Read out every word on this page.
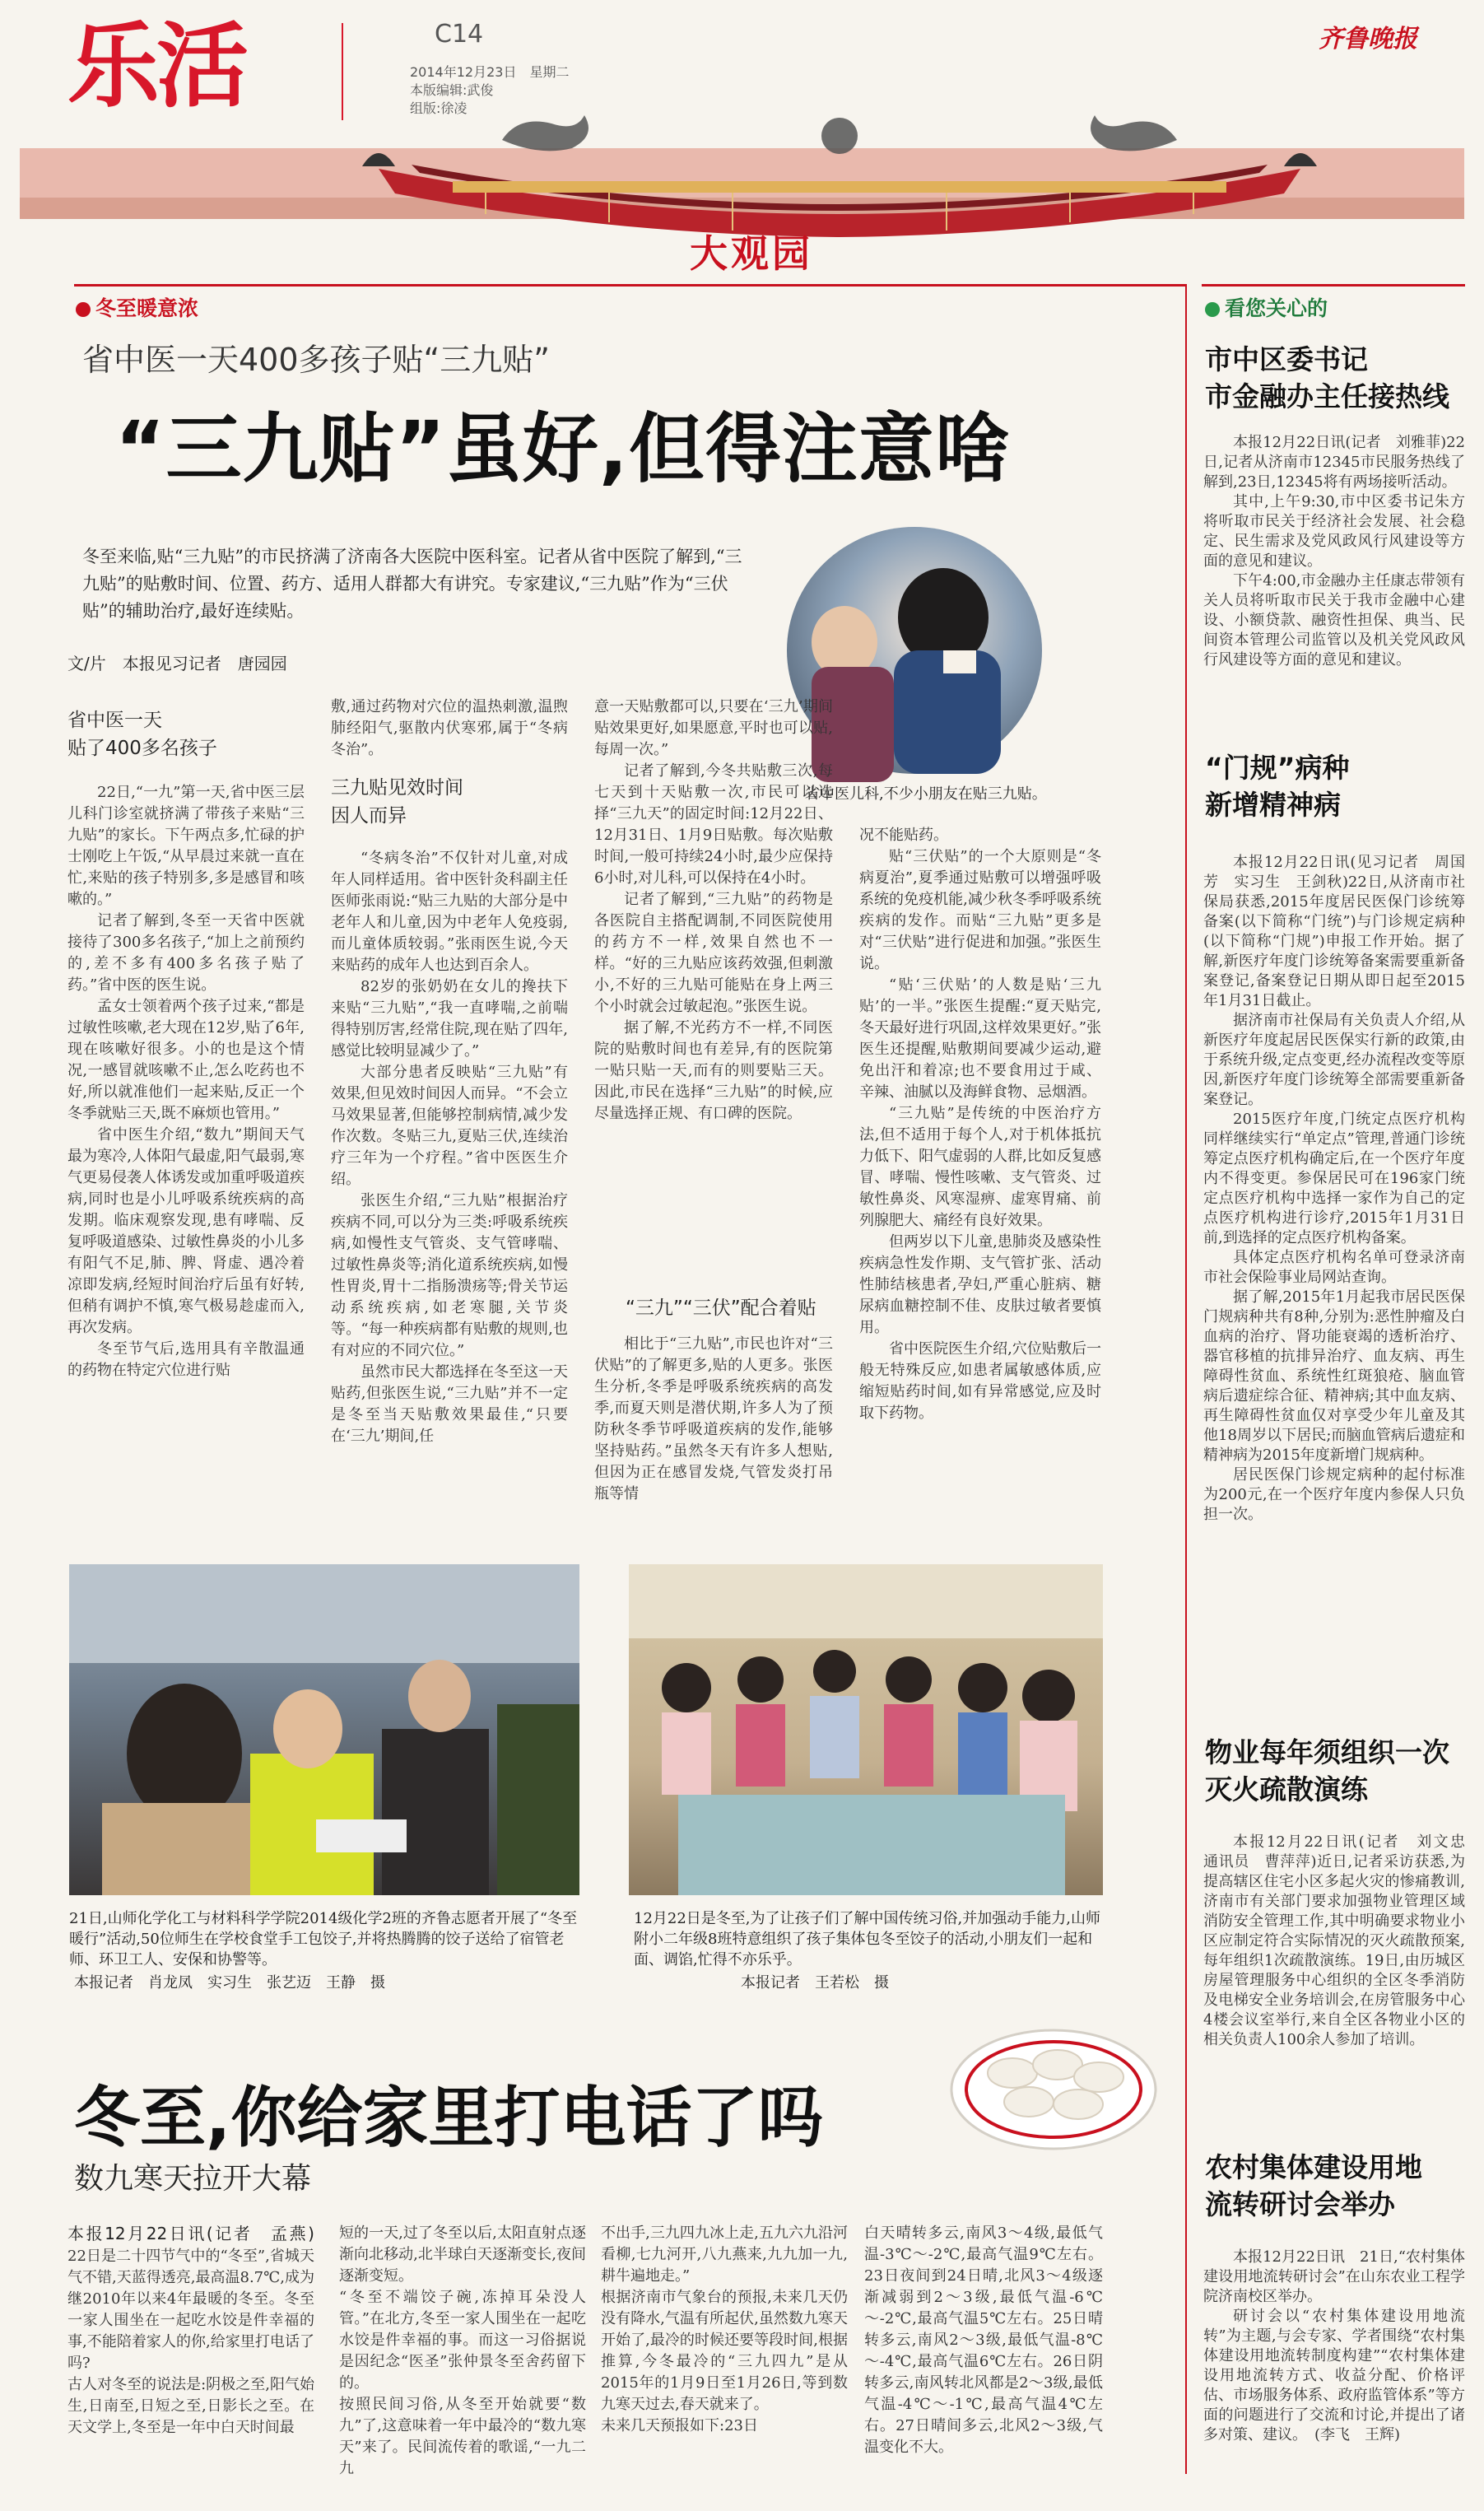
乐活	C14
2014年12月23日　星期二
本版编辑:武俊
组版:徐凌
齐鲁晚报
大观园
冬至暖意浓
省中医一天400多孩子贴“三九贴”
“三九贴”虽好,但得注意啥
冬至来临,贴“三九贴”的市民挤满了济南各大医院中医科室。记者从省中医院了解到,“三九贴”的贴敷时间、位置、药方、适用人群都大有讲究。专家建议,“三九贴”作为“三伏贴”的辅助治疗,最好连续贴。
文/片　本报见习记者　唐园园
省中医儿科,不少小朋友在贴三九贴。
省中医一天
贴了400多名孩子

22日,“一九”第一天,省中医三层儿科门诊室就挤满了带孩子来贴“三九贴”的家长。下午两点多,忙碌的护士刚吃上午饭,“从早晨过来就一直在忙,来贴的孩子特别多,多是感冒和咳嗽的。”

记者了解到,冬至一天省中医就接待了300多名孩子,“加上之前预约的,差不多有400多名孩子贴了药。”省中医的医生说。

孟女士领着两个孩子过来,“都是过敏性咳嗽,老大现在12岁,贴了6年,现在咳嗽好很多。小的也是这个情况,一感冒就咳嗽不止,怎么吃药也不好,所以就准他们一起来贴,反正一个冬季就贴三天,既不麻烦也管用。”

省中医生介绍,“数九”期间天气最为寒冷,人体阳气最虚,阳气最弱,寒气更易侵袭人体诱发或加重呼吸道疾病,同时也是小儿呼吸系统疾病的高发期。临床观察发现,患有哮喘、反复呼吸道感染、过敏性鼻炎的小儿多有阳气不足,肺、脾、肾虚、遇冷着凉即发病,经短时间治疗后虽有好转,但稍有调护不慎,寒气极易趁虚而入,再次发病。

冬至节气后,选用具有辛散温通的药物在特定穴位进行贴

敷,通过药物对穴位的温热刺激,温煦肺经阳气,驱散内伏寒邪,属于“冬病冬治”。

三九贴见效时间
因人而异

“冬病冬治”不仅针对儿童,对成年人同样适用。省中医针灸科副主任医师张雨说:“贴三九贴的大部分是中老年人和儿童,因为中老年人免疫弱,而儿童体质较弱。”张雨医生说,今天来贴药的成年人也达到百余人。

82岁的张奶奶在女儿的搀扶下来贴“三九贴”,“我一直哮喘,之前喘得特别厉害,经常住院,现在贴了四年,感觉比较明显减少了。”

大部分患者反映贴“三九贴”有效果,但见效时间因人而异。“不会立马效果显著,但能够控制病情,减少发作次数。冬贴三九,夏贴三伏,连续治疗三年为一个疗程。”省中医医生介绍。

张医生介绍,“三九贴”根据治疗疾病不同,可以分为三类:呼吸系统疾病,如慢性支气管炎、支气管哮喘、过敏性鼻炎等;消化道系统疾病,如慢性胃炎,胃十二指肠溃疡等;骨关节运动系统疾病,如老寒腿,关节炎等。“每一种疾病都有贴敷的规则,也有对应的不同穴位。”

虽然市民大都选择在冬至这一天贴药,但张医生说,“三九贴”并不一定是冬至当天贴敷效果最佳,“只要在‘三九’期间,任

意一天贴敷都可以,只要在‘三九’期间贴效果更好,如果愿意,平时也可以贴,每周一次。”

记者了解到,今冬共贴敷三次,每七天到十天贴敷一次,市民可以选择“三九天”的固定时间:12月22日、12月31日、1月9日贴敷。每次贴敷时间,一般可持续24小时,最少应保持6小时,对儿科,可以保持在4小时。

记者了解到,“三九贴”的药物是各医院自主搭配调制,不同医院使用的药方不一样,效果自然也不一样。“好的三九贴应该药效强,但刺激小,不好的三九贴可能贴在身上两三个小时就会过敏起泡。”张医生说。

据了解,不光药方不一样,不同医院的贴敷时间也有差异,有的医院第一贴只贴一天,而有的则要贴三天。因此,市民在选择“三九贴”的时候,应尽量选择正规、有口碑的医院。

“三九”“三伏”配合着贴

相比于“三九贴”,市民也许对“三伏贴”的了解更多,贴的人更多。张医生分析,冬季是呼吸系统疾病的高发季,而夏天则是潜伏期,许多人为了预防秋冬季节呼吸道疾病的发作,能够坚持贴药。”虽然冬天有许多人想贴,但因为正在感冒发烧,气管发炎打吊瓶等情

况不能贴药。

贴“三伏贴”的一个大原则是“冬病夏治”,夏季通过贴敷可以增强呼吸系统的免疫机能,减少秋冬季呼吸系统疾病的发作。而贴“三九贴”更多是对“三伏贴”进行促进和加强。”张医生说。

“贴‘三伏贴’的人数是贴‘三九贴’的一半。”张医生提醒:“夏天贴完,冬天最好进行巩固,这样效果更好。”张医生还提醒,贴敷期间要减少运动,避免出汗和着凉;也不要食用过于咸、辛辣、油腻以及海鲜食物、忌烟酒。

“三九贴”是传统的中医治疗方法,但不适用于每个人,对于机体抵抗力低下、阳气虚弱的人群,比如反复感冒、哮喘、慢性咳嗽、支气管炎、过敏性鼻炎、风寒湿痹、虚寒胃痛、前列腺肥大、痛经有良好效果。

但两岁以下儿童,患肺炎及感染性疾病急性发作期、支气管扩张、活动性肺结核患者,孕妇,严重心脏病、糖尿病血糖控制不佳、皮肤过敏者要慎用。

省中医院医生介绍,穴位贴敷后一般无特殊反应,如患者属敏感体质,应缩短贴药时间,如有异常感觉,应及时取下药物。

21日,山师化学化工与材料科学学院2014级化学2班的齐鲁志愿者开展了“冬至暖行”活动,50位师生在学校食堂手工包饺子,并将热腾腾的饺子送给了宿管老师、环卫工人、安保和协警等。
本报记者　肖龙凤　实习生　张艺迈　王静　摄
12月22日是冬至,为了让孩子们了解中国传统习俗,并加强动手能力,山师附小二年级8班特意组织了孩子集体包冬至饺子的活动,小朋友们一起和面、调馅,忙得不亦乐乎。
本报记者　王若松　摄
冬至,你给家里打电话了吗
数九寒天拉开大幕
本报12月22日讯(记者　孟燕)　22日是二十四节气中的“冬至”,省城天气不错,天蓝得透亮,最高温8.7℃,成为继2010年以来4年最暖的冬至。冬至一家人围坐在一起吃水饺是件幸福的事,不能陪着家人的你,给家里打电话了吗?
古人对冬至的说法是:阴极之至,阳气始生,日南至,日短之至,日影长之至。在天文学上,冬至是一年中白天时间最
短的一天,过了冬至以后,太阳直射点逐渐向北移动,北半球白天逐渐变长,夜间逐渐变短。
“冬至不端饺子碗,冻掉耳朵没人管。”在北方,冬至一家人围坐在一起吃水饺是件幸福的事。而这一习俗据说是因纪念“医圣”张仲景冬至舍药留下的。
按照民间习俗,从冬至开始就要“数九”了,这意味着一年中最冷的“数九寒天”来了。民间流传着的歌谣,“一九二九
不出手,三九四九冰上走,五九六九沿河看柳,七九河开,八九燕来,九九加一九,耕牛遍地走。”
根据济南市气象台的预报,未来几天仍没有降水,气温有所起伏,虽然数九寒天开始了,最冷的时候还要等段时间,根据推算,今冬最冷的“三九四九”是从2015年的1月9日至1月26日,等到数九寒天过去,春天就来了。
未来几天预报如下:23日
白天晴转多云,南风3～4级,最低气温-3℃～-2℃,最高气温9℃左右。23日夜间到24日晴,北风3～4级逐渐减弱到2～3级,最低气温-6℃～-2℃,最高气温5℃左右。25日晴转多云,南风2～3级,最低气温-8℃～-4℃,最高气温6℃左右。26日阴转多云,南风转北风都是2～3级,最低气温-4℃～-1℃,最高气温4℃左右。27日晴间多云,北风2～3级,气温变化不大。
看您关心的
市中区委书记
市金融办主任接热线

本报12月22日讯(记者　刘雅菲)22日,记者从济南市12345市民服务热线了解到,23日,12345将有两场接听活动。

其中,上午9:30,市中区委书记朱方将听取市民关于经济社会发展、社会稳定、民生需求及党风政风行风建设等方面的意见和建议。

下午4:00,市金融办主任康志带领有关人员将听取市民关于我市金融中心建设、小额贷款、融资性担保、典当、民间资本管理公司监管以及机关党风政风行风建设等方面的意见和建议。

“门规”病种
新增精神病

本报12月22日讯(见习记者　周国芳　实习生　王剑秋)22日,从济南市社保局获悉,2015年度居民医保门诊统筹备案(以下简称“门统”)与门诊规定病种(以下简称“门规”)申报工作开始。据了解,新医疗年度门诊统筹备案需要重新备案登记,备案登记日期从即日起至2015年1月31日截止。

据济南市社保局有关负责人介绍,从新医疗年度起居民医保实行新的政策,由于系统升级,定点变更,经办流程改变等原因,新医疗年度门诊统筹全部需要重新备案登记。

2015医疗年度,门统定点医疗机构同样继续实行“单定点”管理,普通门诊统筹定点医疗机构确定后,在一个医疗年度内不得变更。参保居民可在196家门统定点医疗机构中选择一家作为自己的定点医疗机构进行诊疗,2015年1月31日前,到选择的定点医疗机构备案。

具体定点医疗机构名单可登录济南市社会保险事业局网站查询。

据了解,2015年1月起我市居民医保门规病种共有8种,分别为:恶性肿瘤及白血病的治疗、肾功能衰竭的透析治疗、器官移植的抗排异治疗、血友病、再生障碍性贫血、系统性红斑狼疮、脑血管病后遗症综合征、精神病;其中血友病、再生障碍性贫血仅对享受少年儿童及其他18周岁以下居民;而脑血管病后遗症和精神病为2015年度新增门规病种。

居民医保门诊规定病种的起付标准为200元,在一个医疗年度内参保人只负担一次。

物业每年须组织一次
灭火疏散演练

本报12月22日讯(记者　刘文忠　通讯员　曹萍萍)近日,记者采访获悉,为提高辖区住宅小区多起火灾的惨痛教训,济南市有关部门要求加强物业管理区域消防安全管理工作,其中明确要求物业小区应制定符合实际情况的灭火疏散预案,每年组织1次疏散演练。19日,由历城区房屋管理服务中心组织的全区冬季消防及电梯安全业务培训会,在房管服务中心4楼会议室举行,来自全区各物业小区的相关负责人100余人参加了培训。

农村集体建设用地
流转研讨会举办

本报12月22日讯　21日,“农村集体建设用地流转研讨会”在山东农业工程学院济南校区举办。

研讨会以“农村集体建设用地流转”为主题,与会专家、学者围绕“农村集体建设用地流转制度构建”“农村集体建设用地流转方式、收益分配、价格评估、市场服务体系、政府监管体系”等方面的问题进行了交流和讨论,并提出了诸多对策、建议。　(李飞　王辉)
